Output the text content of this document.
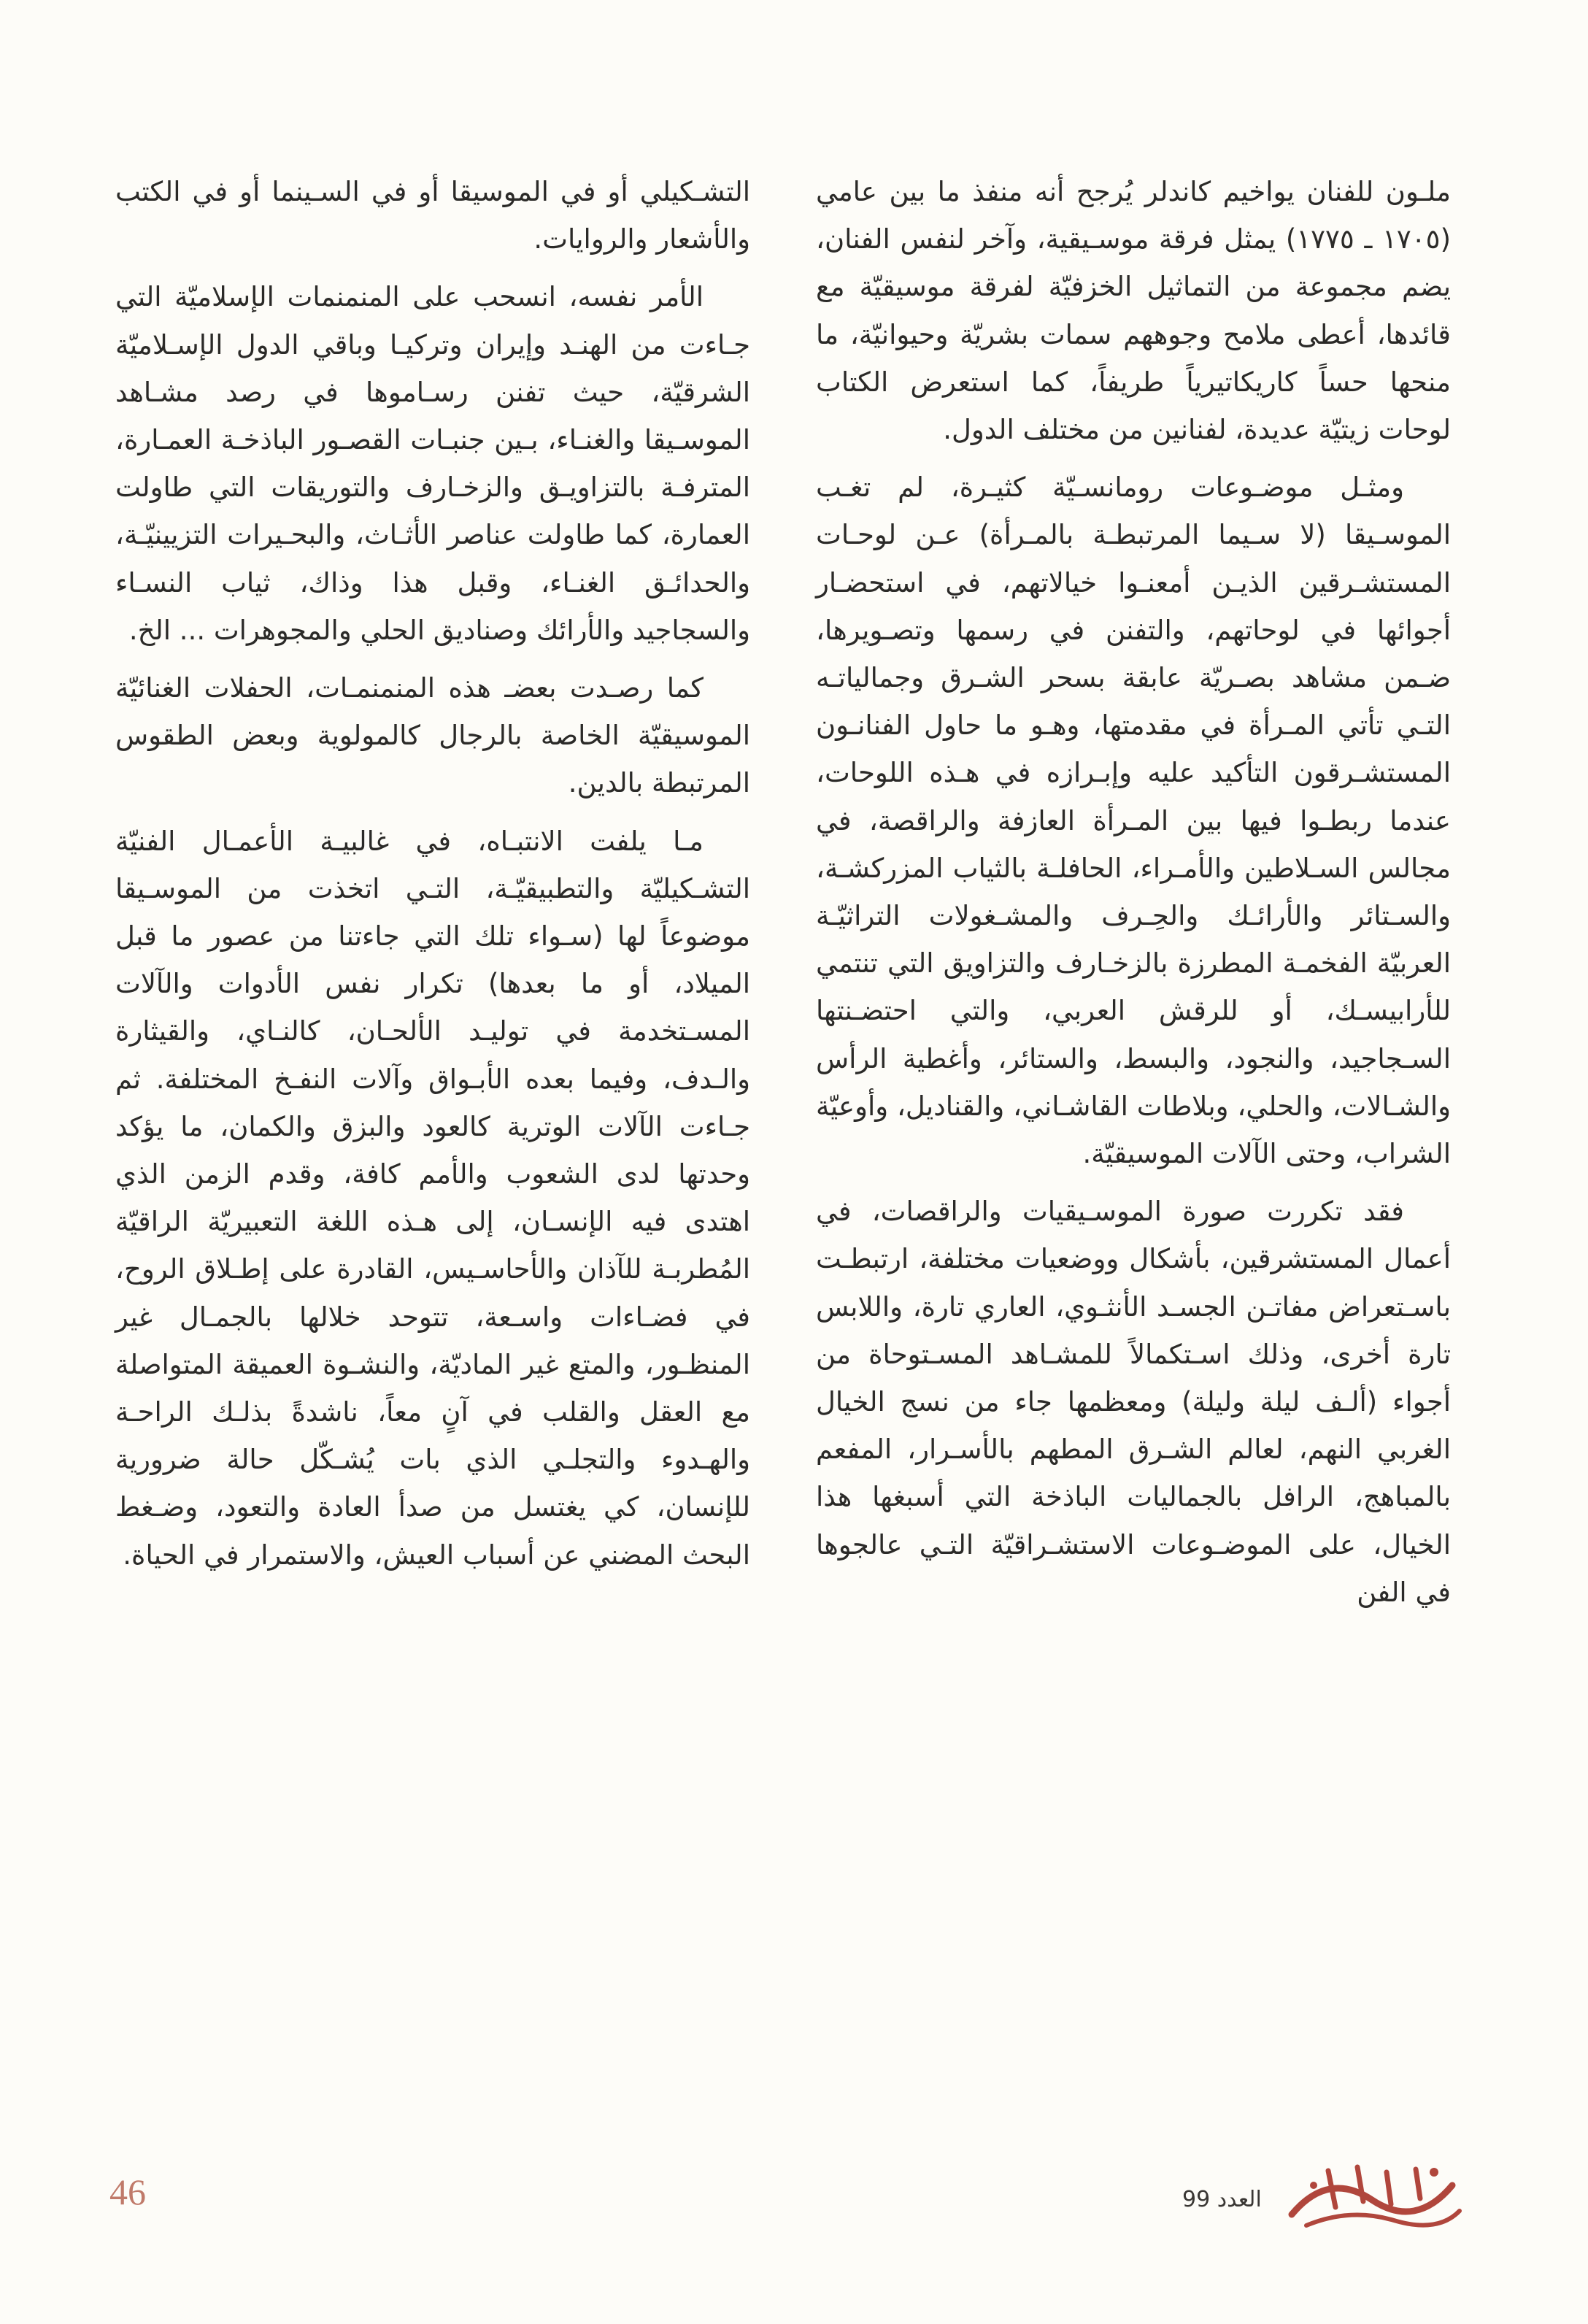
ملـون للفنان يواخيم كاندلر يُرجح أنه منفذ ما بين عامي (١٧٠٥ ـ ١٧٧٥) يمثل فرقة موسـيقية، وآخر لنفس الفنان، يضم مجموعة من التماثيل الخزفيّة لفرقة موسيقيّة مع قائدها، أعطى ملامح وجوههم سمات بشريّة وحيوانيّة، ما منحها حساً كاريكاتيرياً طريفاً، كما استعرض الكتاب لوحات زيتيّة عديدة، لفنانين من مختلف الدول.

ومثـل موضـوعات رومانسـيّة كثيـرة، لم تغـب الموسـيقا (لا سـيما المرتبطـة بالمـرأة) عـن لوحـات المستشـرقين الذيـن أمعنـوا خيالاتهم، في استحضـار أجوائها في لوحاتهم، والتفنن في رسمها وتصـويرها، ضـمن مشاهد بصـريّة عابقة بسحر الشـرق وجمالياتـه التـي تأتي المـرأة في مقدمتها، وهـو ما حاول الفنانـون المستشـرقون التأكيد عليه وإبـرازه في هـذه اللوحات، عندما ربطـوا فيها بين المـرأة العازفة والراقصة، في مجالس السـلاطين والأمـراء، الحافلـة بالثياب المزركشـة، والسـتائر والأرائـك والحِـرف والمشـغولات التراثيّـة العربيّة الفخمـة المطرزة بالزخـارف والتزاويق التي تنتمي للأرابيسـك، أو للرقش العربي، والتي احتضـنتها السـجاجيد، والنجود، والبسط، والستائر، وأغطية الرأس والشـالات، والحلي، وبلاطات القاشـاني، والقناديل، وأوعيّة الشراب، وحتى الآلات الموسيقيّة.

فقد تكررت صورة الموسـيقيات والراقصات، في أعمال المستشرقين، بأشكال ووضعيات مختلفة، ارتبطـت باسـتعراض مفاتـن الجسـد الأنثـوي، العاري تارة، واللابس تارة أخرى، وذلك اسـتكمالاً للمشـاهد المسـتوحاة من أجواء (ألـف ليلة وليلة) ومعظمها جاء من نسج الخيال الغربي النهم، لعالم الشـرق المطهم بالأسـرار، المفعم بالمباهج، الرافل بالجماليات الباذخة التي أسبغها هذا الخيال، على الموضـوعات الاستشـراقيّة التـي عالجوها في الفن

التشـكيلي أو في الموسيقا أو في السـينما أو في الكتب والأشعار والروايات.

الأمر نفسه، انسحب على المنمنمات الإسلاميّة التي جـاءت من الهنـد وإيران وتركيـا وباقي الدول الإسـلاميّة الشرقيّة، حيث تفنن رسـاموها في رصد مشـاهد الموسـيقا والغنـاء، بـين جنبـات القصـور الباذخـة العمـارة، المترفـة بالتزاويـق والزخـارف والتوريقات التي طاولت العمارة، كما طاولت عناصر الأثـاث، والبحـيرات التزيينيّـة، والحدائـق الغنـاء، وقبل هذا وذاك، ثياب النسـاء والسجاجيد والأرائك وصناديق الحلي والمجوهرات ... الخ.

كما رصـدت بعضـ هذه المنمنمـات، الحفلات الغنائيّة الموسيقيّة الخاصة بالرجال كالمولوية وبعض الطقوس المرتبطة بالدين.

مـا يلفت الانتبـاه، في غالبيـة الأعمـال الفنيّة التشـكيليّة والتطبيقيّـة، التـي اتخذت من الموسـيقا موضوعاً لها (سـواء تلك التي جاءتنا من عصور ما قبل الميلاد، أو ما بعدها) تكرار نفس الأدوات والآلات المسـتخدمة في توليـد الألحـان، كالنـاي، والقيثارة والـدف، وفيما بعده الأبـواق وآلات النفـخ المختلفة. ثم جـاءت الآلات الوترية كالعود والبزق والكمان، ما يؤكد وحدتها لدى الشعوب والأمم كافة، وقدم الزمن الذي اهتدى فيه الإنسـان، إلى هـذه اللغة التعبيريّة الراقيّة المُطربـة للآذان والأحاسـيس، القادرة على إطـلاق الروح، في فضـاءات واسـعة، تتوحد خلالها بالجمـال غير المنظـور، والمتع غير الماديّة، والنشـوة العميقة المتواصلة مع العقل والقلب في آنٍ معاً، ناشدةً بذلـك الراحـة والهـدوء والتجلـي الذي بات يُشـكّل حالة ضرورية للإنسان، كي يغتسل من صدأ العادة والتعود، وضـغط البحث المضني عن أسباب العيش، والاستمرار في الحياة.

46	العدد 99
